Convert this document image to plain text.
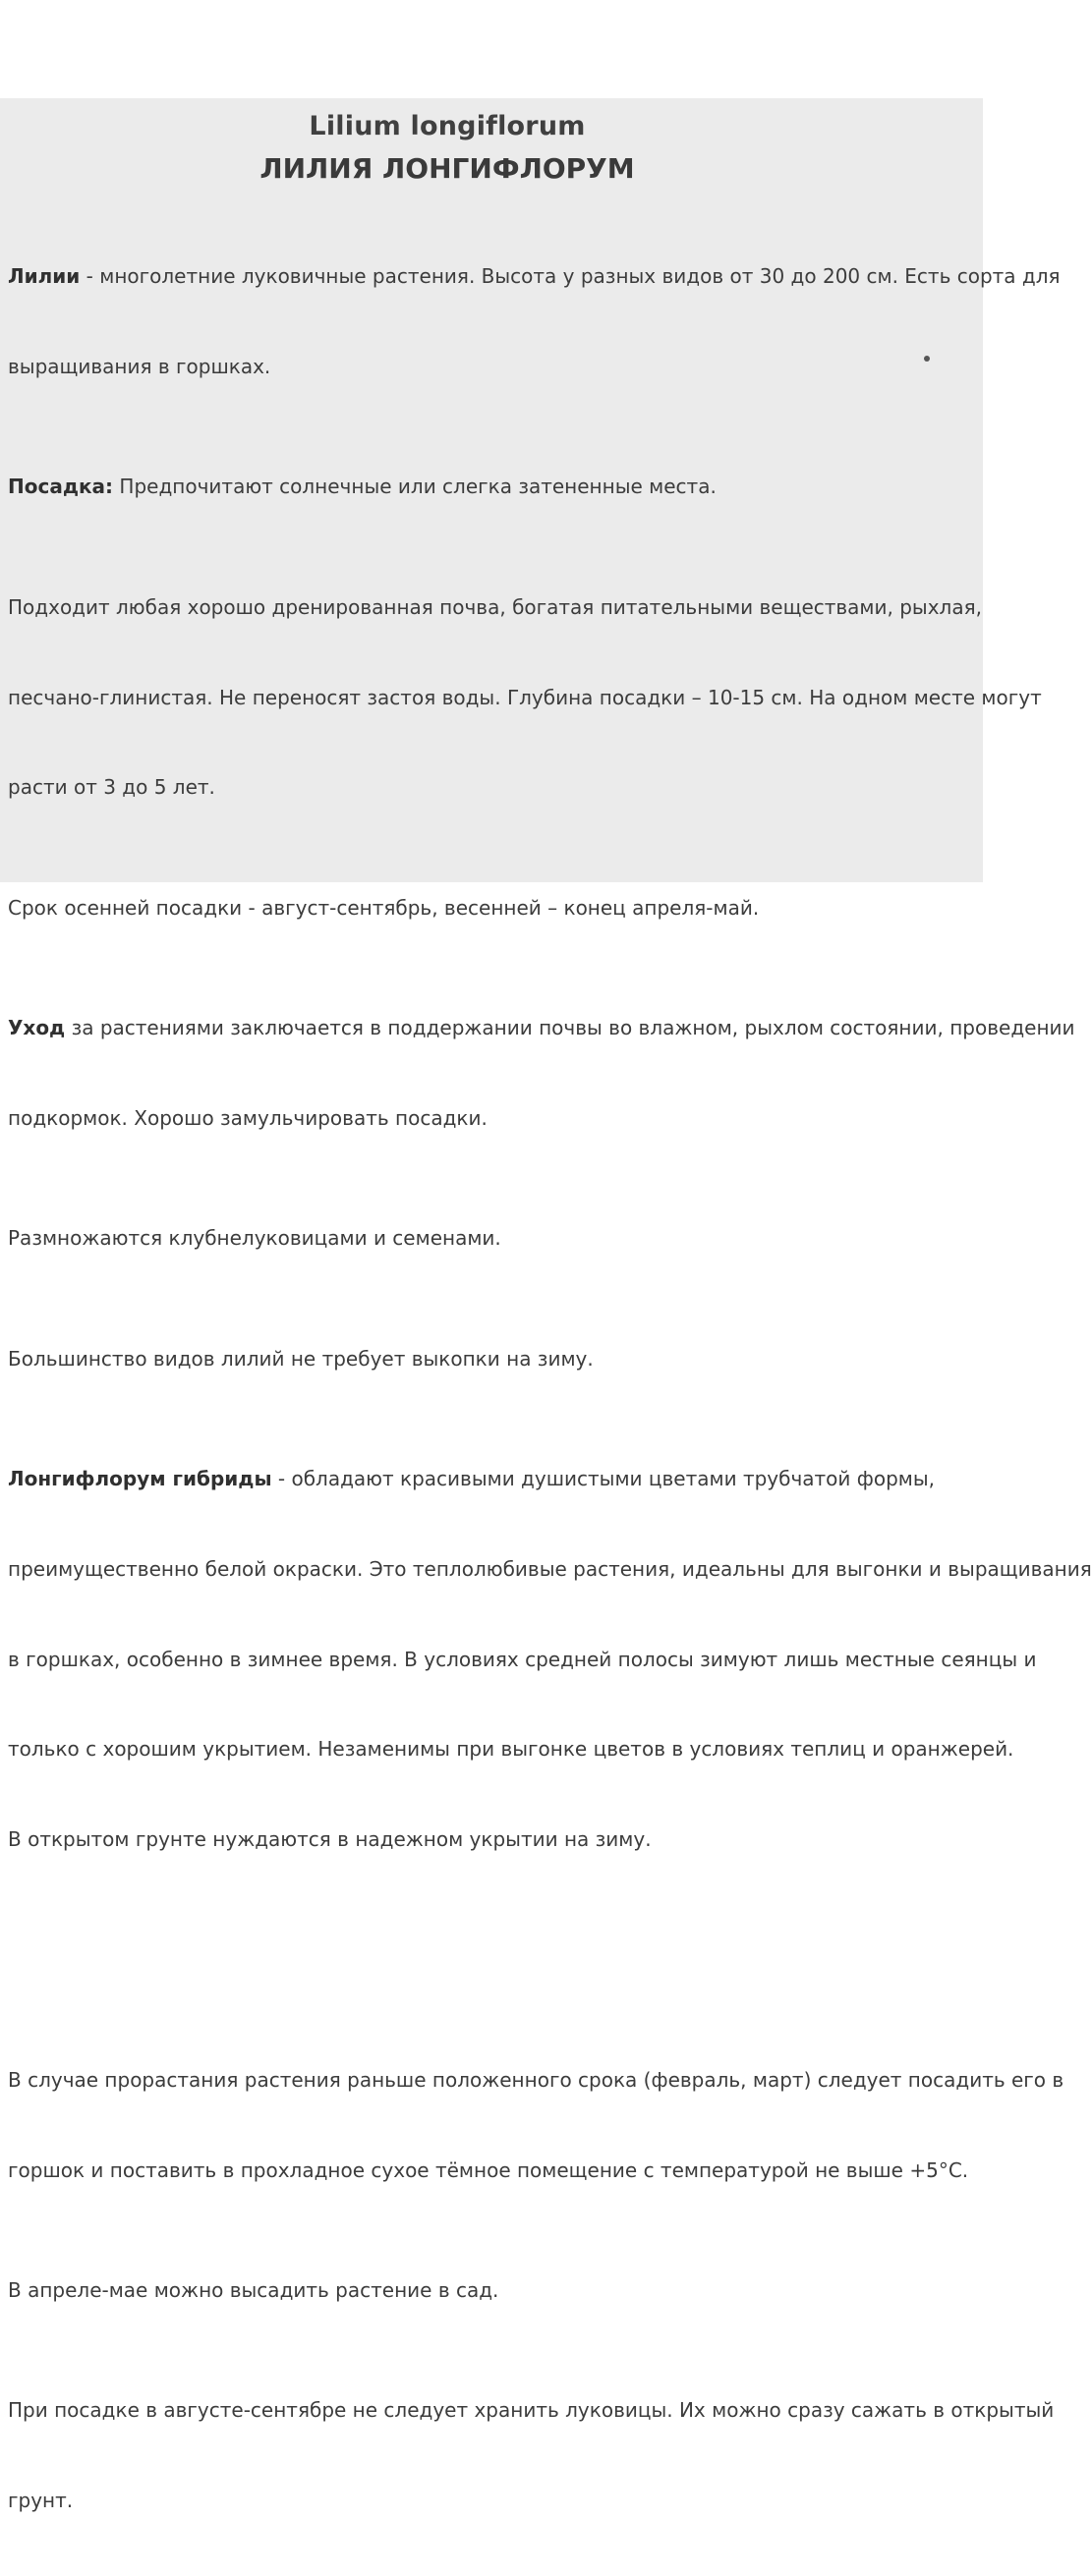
Lilium longiflorum
ЛИЛИЯ ЛОНГИФЛОРУМ

Лилии - многолетние луковичные растения. Высота у разных видов от 30 до 200 см. Есть сорта для

выращивания в горшках.

Посадка: Предпочитают солнечные или слегка затененные места.

Подходит любая хорошо дренированная почва, богатая питательными веществами, рыхлая,

песчано-глинистая. Не переносят застоя воды. Глубина посадки – 10-15 см. На одном месте могут

расти от 3 до 5 лет.

Срок осенней посадки - август-сентябрь, весенней – конец апреля-май.

Уход за растениями заключается в поддержании почвы во влажном, рыхлом состоянии, проведении

подкормок. Хорошо замульчировать посадки.

Размножаются клубнелуковицами и семенами.

Большинство видов лилий не требует выкопки на зиму.

Лонгифлорум гибриды - обладают красивыми душистыми цветами трубчатой формы,

преимущественно белой окраски. Это теплолюбивые растения, идеальны для выгонки и выращивания

в горшках, особенно в зимнее время. В условиях средней полосы зимуют лишь местные сеянцы и

только с хорошим укрытием. Незаменимы при выгонке цветов в условиях теплиц и оранжерей.

В открытом грунте нуждаются в надежном укрытии на зиму.

В случае прорастания растения раньше положенного срока (февраль, март) следует посадить его в

горшок и поставить в прохладное сухое тёмное помещение с температурой не выше +5°С.

В апреле-мае можно высадить растение в сад.

При посадке в августе-сентябре не следует хранить луковицы. Их можно сразу сажать в открытый

грунт.
